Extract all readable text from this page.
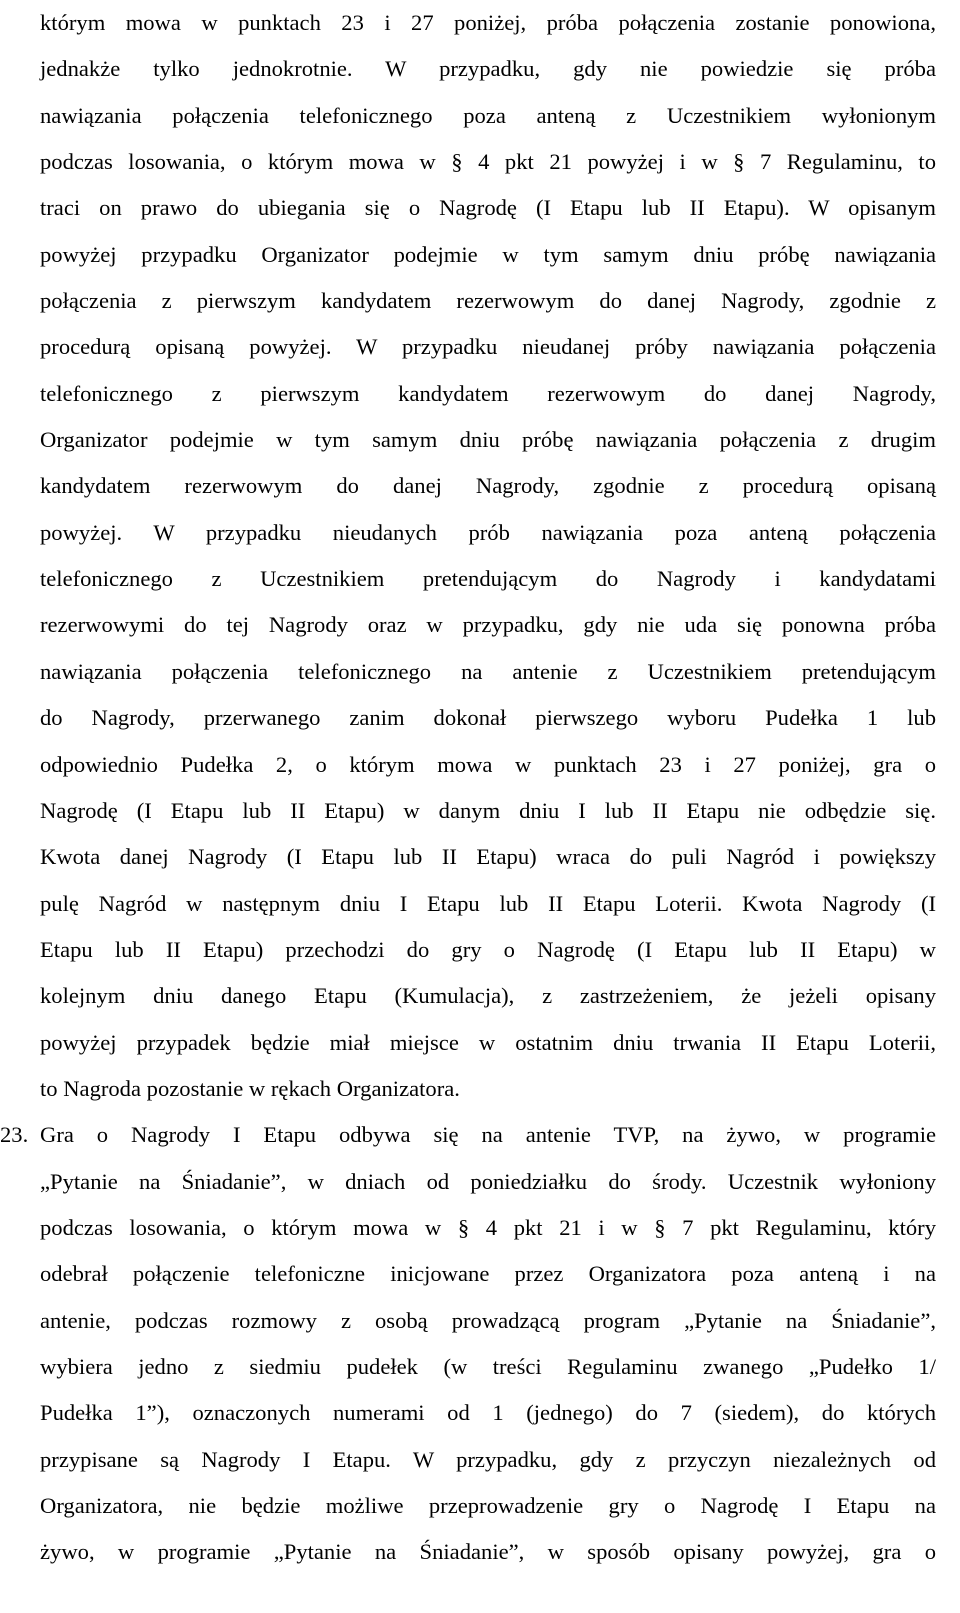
którym mowa w punktach 23 i 27 poniżej, próba połączenia zostanie ponowiona,
jednakże tylko jednokrotnie. W przypadku, gdy nie powiedzie się próba
nawiązania połączenia telefonicznego poza anteną z Uczestnikiem wyłonionym
podczas losowania, o którym mowa w § 4 pkt 21 powyżej i w § 7 Regulaminu, to
traci on prawo do ubiegania się o Nagrodę (I Etapu lub II Etapu). W opisanym
powyżej przypadku Organizator podejmie w tym samym dniu próbę nawiązania
połączenia z pierwszym kandydatem rezerwowym do danej Nagrody, zgodnie z
procedurą opisaną powyżej. W przypadku nieudanej próby nawiązania połączenia
telefonicznego z pierwszym kandydatem rezerwowym do danej Nagrody,
Organizator podejmie w tym samym dniu próbę nawiązania połączenia z drugim
kandydatem rezerwowym do danej Nagrody, zgodnie z procedurą opisaną
powyżej. W przypadku nieudanych prób nawiązania poza anteną połączenia
telefonicznego z Uczestnikiem pretendującym do Nagrody i kandydatami
rezerwowymi do tej Nagrody oraz w przypadku, gdy nie uda się ponowna próba
nawiązania połączenia telefonicznego na antenie z Uczestnikiem pretendującym
do Nagrody, przerwanego zanim dokonał pierwszego wyboru Pudełka 1 lub
odpowiednio Pudełka 2, o którym mowa w punktach 23 i 27 poniżej, gra o
Nagrodę (I Etapu lub II Etapu) w danym dniu I lub II Etapu nie odbędzie się.
Kwota danej Nagrody (I Etapu lub II Etapu) wraca do puli Nagród i powiększy
pulę Nagród w następnym dniu I Etapu lub II Etapu Loterii. Kwota Nagrody (I
Etapu lub II Etapu) przechodzi do gry o Nagrodę (I Etapu lub II Etapu) w
kolejnym dniu danego Etapu (Kumulacja), z zastrzeżeniem, że jeżeli opisany
powyżej przypadek będzie miał miejsce w ostatnim dniu trwania II Etapu Loterii,
to Nagroda pozostanie w rękach Organizatora.
23. Gra o Nagrody I Etapu odbywa się na antenie TVP, na żywo, w programie
„Pytanie na Śniadanie”, w dniach od poniedziałku do środy. Uczestnik wyłoniony
podczas losowania, o którym mowa w § 4 pkt 21 i w § 7 pkt Regulaminu, który
odebrał połączenie telefoniczne inicjowane przez Organizatora poza anteną i na
antenie, podczas rozmowy z osobą prowadzącą program „Pytanie na Śniadanie”,
wybiera jedno z siedmiu pudełek (w treści Regulaminu zwanego „Pudełko 1/
Pudełka 1”), oznaczonych numerami od 1 (jednego) do 7 (siedem), do których
przypisane są Nagrody I Etapu. W przypadku, gdy z przyczyn niezależnych od
Organizatora, nie będzie możliwe przeprowadzenie gry o Nagrodę I Etapu na
żywo, w programie „Pytanie na Śniadanie”, w sposób opisany powyżej, gra o
